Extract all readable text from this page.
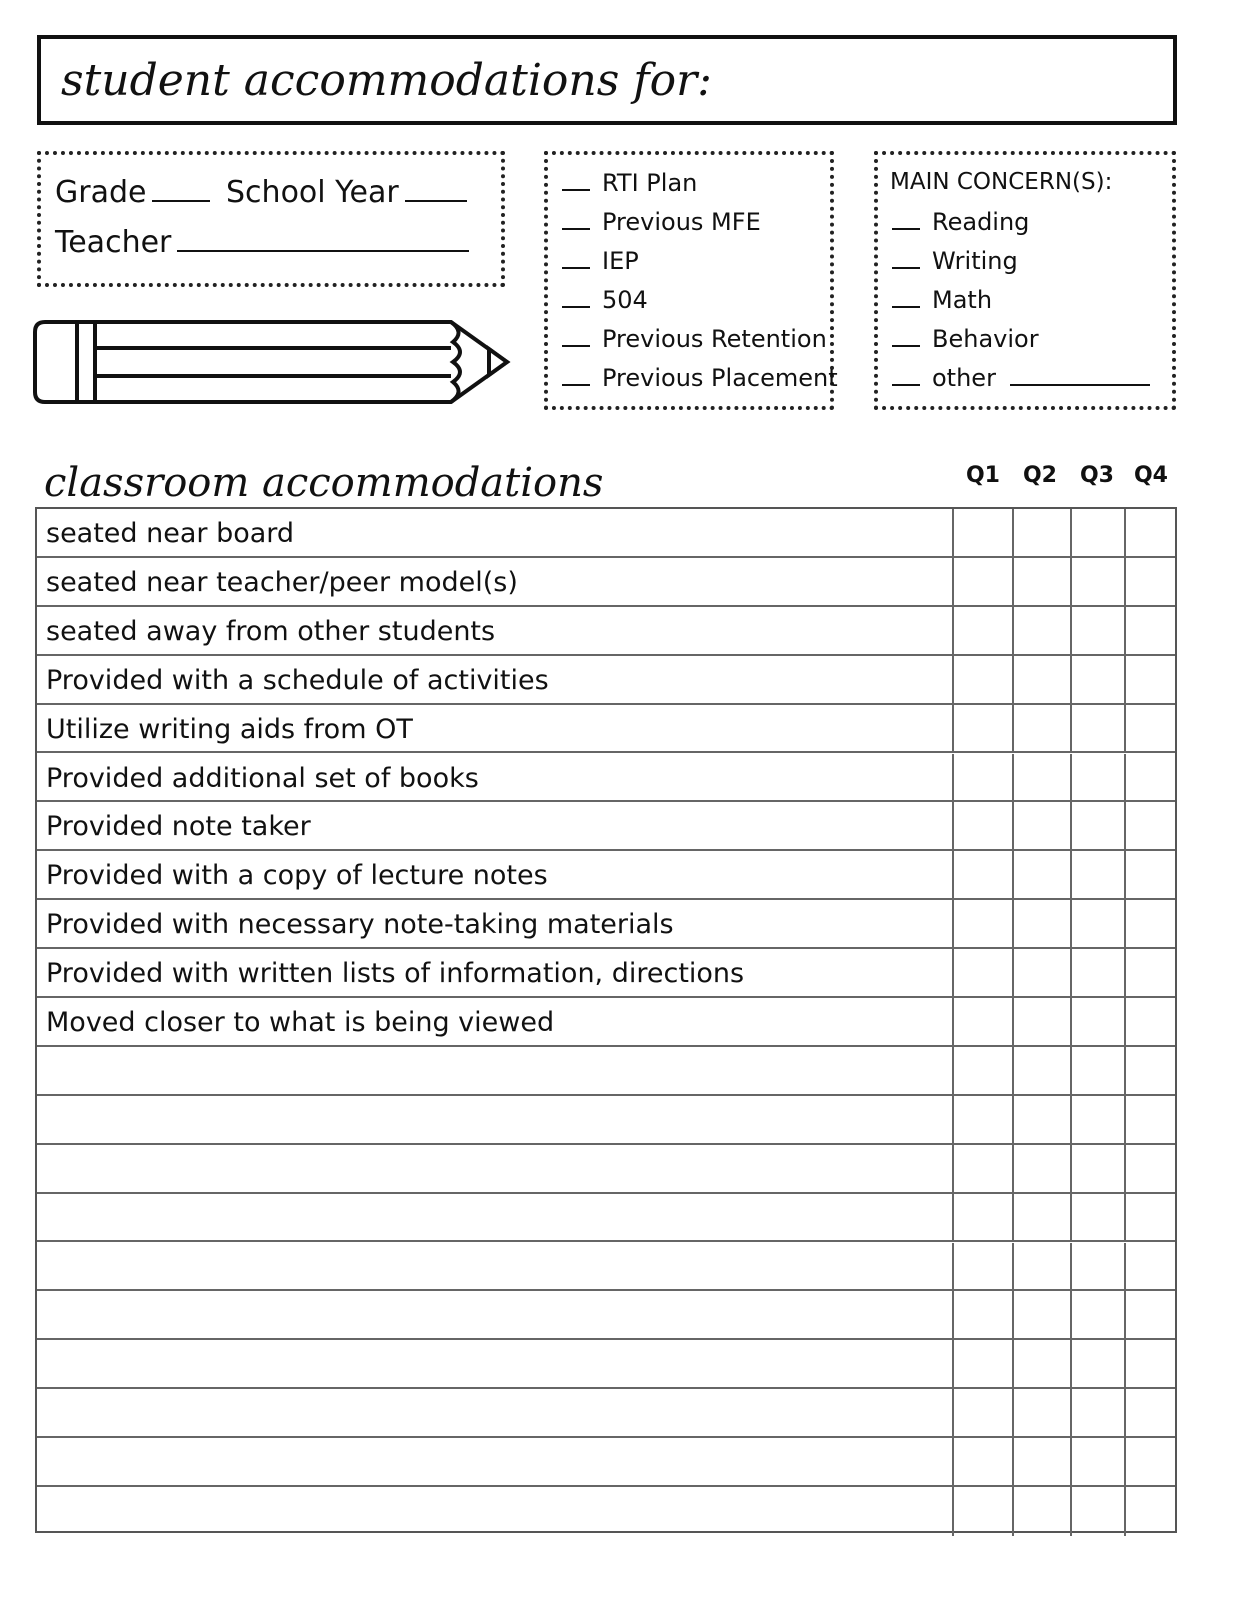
student accommodations for:
Grade	School Year
Teacher
RTI Plan
Previous MFE
IEP
504
Previous Retention
Previous Placement
MAIN CONCERN(S):
Reading
Writing
Math
Behavior
other
classroom accommodations	Q1	Q2	Q3 Q4
seated near board
seated near teacher/peer model(s)
seated away from other students
Provided with a schedule of activities
Utilize writing aids from OT
Provided additional set of books
Provided note taker
Provided with a copy of lecture notes
Provided with necessary note-taking materials
Provided with written lists of information, directions
Moved closer to what is being viewed
